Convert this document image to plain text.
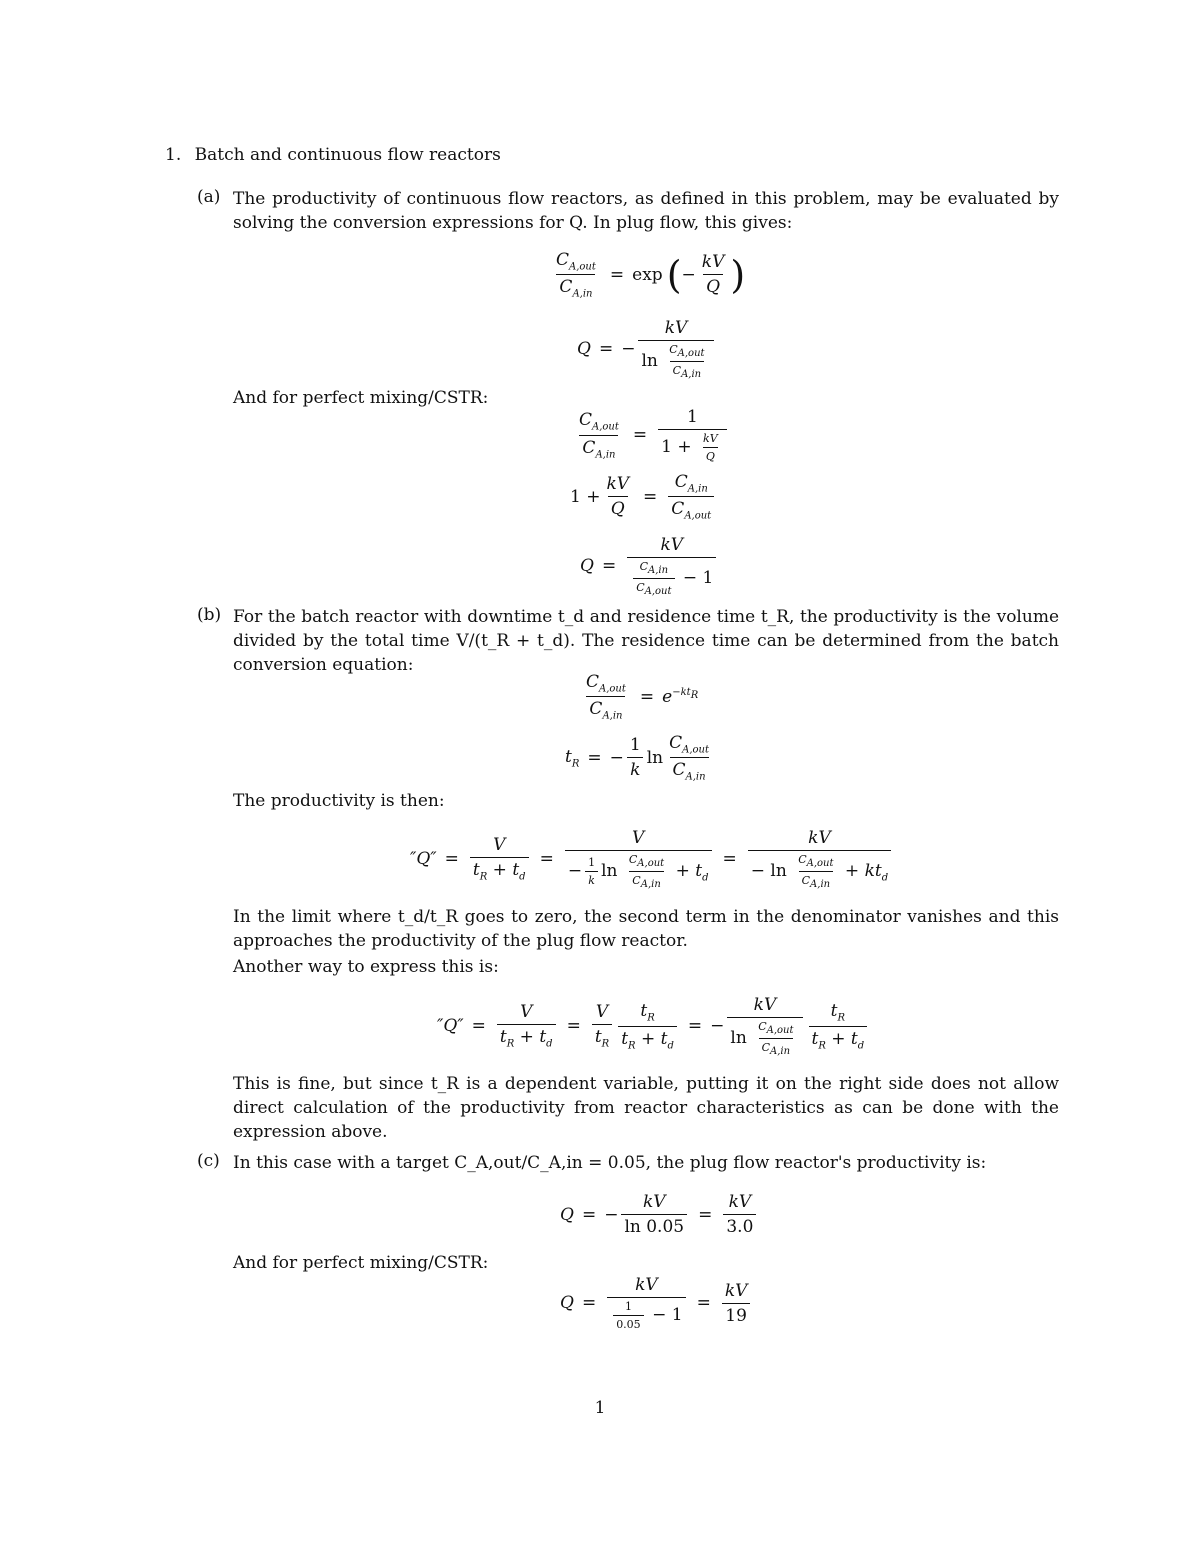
1. Batch and continuous flow reactors
(a) The productivity of continuous flow reactors, as defined in this problem, may be evaluated by solving the conversion expressions for Q. In plug flow, this gives:
$\frac{C_{A,out}}{C_{A,in}} = \exp$ ( − $\frac{kV}{Q}$ )
Q = − $\frac{kV}{\ln \frac{C_{A,out}}{C_{A,in}}}$
And for perfect mixing/CSTR:
$\frac{C_{A,out}}{C_{A,in}} = \frac{1}{1 + \frac{kV}{Q}}$
$1 + \frac{kV}{Q} = \frac{C_{A,in}}{C_{A,out}}$
$Q = \frac{kV}{\frac{C_{A,in}}{C_{A,out}} - 1}$
(b) For the batch reactor with downtime t_d and residence time t_R, the productivity is the volume divided by the total time V/(t_R + t_d). The residence time can be determined from the batch conversion equation:
$\frac{C_{A,out}}{C_{A,in}} = e^{-kt_R}$
$t_R$ = − $\frac{1}{k}$ $\ln \frac{C_{A,out}}{C_{A,in}}$
The productivity is then:
$''Q'' = \frac{V}{t_R + t_d} = \frac{V}{- \frac{1}{k} \ln \frac{C_{A,out}}{C_{A,in}} + t_d} = \frac{kV}{- \ln \frac{C_{A,out}}{C_{A,in}} + kt_d}$
In the limit where t_d/t_R goes to zero, the second term in the denominator vanishes and this approaches the productivity of the plug flow reactor.
Another way to express this is:
$''Q'' = \frac{V}{t_R + t_d} = \frac{V}{t_R} \frac{t_R}{t_R + t_d}$ = − $\frac{kV}{\ln \frac{C_{A,out}}{C_{A,in}}} \frac{t_R}{t_R + t_d}$
This is fine, but since t_R is a dependent variable, putting it on the right side does not allow direct calculation of the productivity from reactor characteristics as can be done with the expression above.
(c) In this case with a target C_A,out/C_A,in = 0.05, the plug flow reactor's productivity is:
Q = − $\frac{kV}{\ln 0.05} = \frac{kV}{3.0}$
And for perfect mixing/CSTR:
$Q = \frac{kV}{\frac{1}{0.05} - 1} = \frac{kV}{19}$
1
